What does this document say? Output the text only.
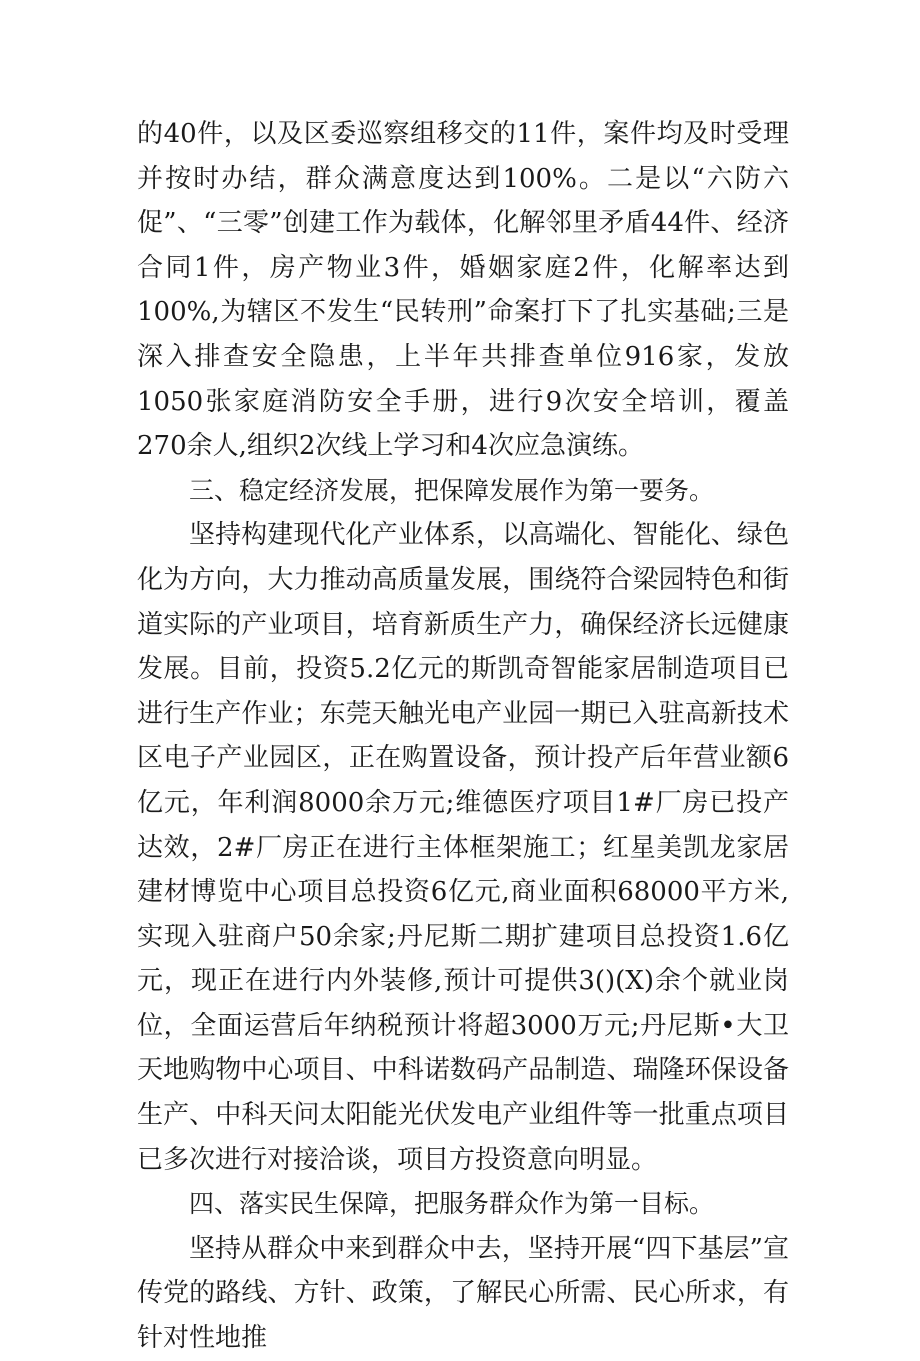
的40件，以及区委巡察组移交的11件，案件均及时受理并按时办结，群众满意度达到100%。二是以“六防六促”、“三零”创建工作为载体，化解邻里矛盾44件、经济合同1件，房产物业3件，婚姻家庭2件，化解率达到100%,为辖区不发生“民转刑”命案打下了扎实基础;三是深入排查安全隐患，上半年共排查单位916家，发放1050张家庭消防安全手册，进行9次安全培训，覆盖270余人,组织2次线上学习和4次应急演练。

三、稳定经济发展，把保障发展作为第一要务。

坚持构建现代化产业体系，以高端化、智能化、绿色化为方向，大力推动高质量发展，围绕符合梁园特色和街道实际的产业项目，培育新质生产力，确保经济长远健康发展。目前，投资5.2亿元的斯凯奇智能家居制造项目已进行生产作业；东莞天触光电产业园一期已入驻高新技术区电子产业园区，正在购置设备，预计投产后年营业额6亿元，年利润8000余万元;维德医疗项目1#厂房已投产达效，2#厂房正在进行主体框架施工；红星美凯龙家居建材博览中心项目总投资6亿元,商业面积68000平方米,实现入驻商户50余家;丹尼斯二期扩建项目总投资1.6亿元，现正在进行内外装修,预计可提供3()(X)余个就业岗位，全面运营后年纳税预计将超3000万元;丹尼斯•大卫天地购物中心项目、中科诺数码产品制造、瑞隆环保设备生产、中科天问太阳能光伏发电产业组件等一批重点项目已多次进行对接洽谈，项目方投资意向明显。

四、落实民生保障，把服务群众作为第一目标。

坚持从群众中来到群众中去，坚持开展“四下基层”宣传党的路线、方针、政策，了解民心所需、民心所求，有针对性地推
